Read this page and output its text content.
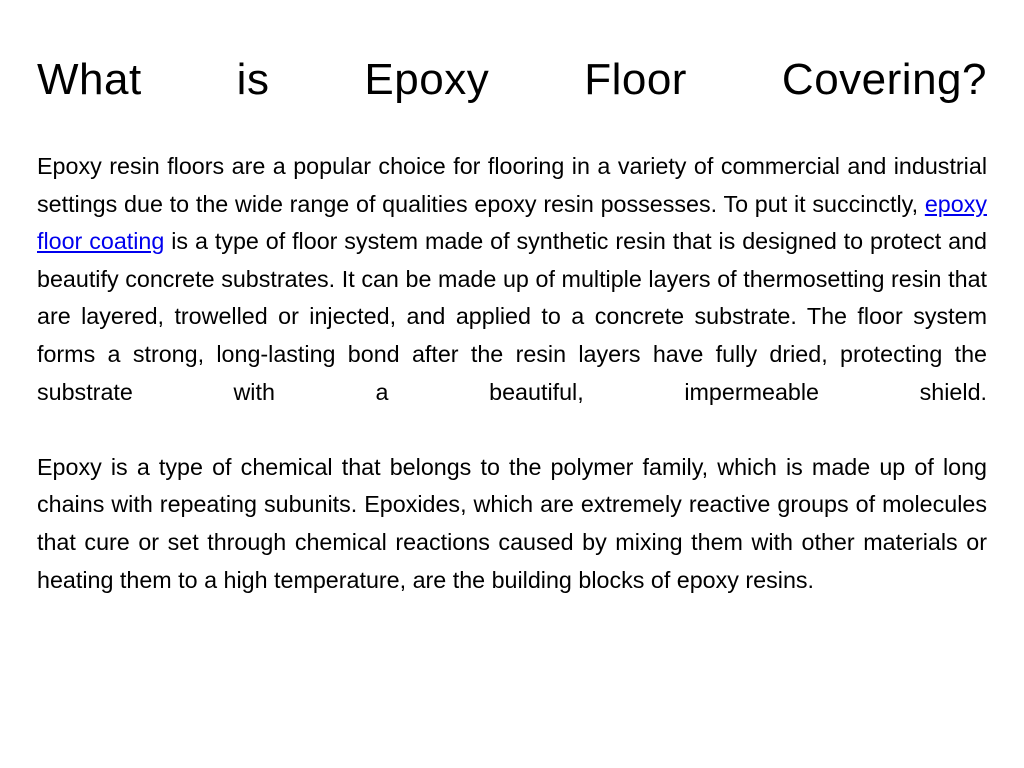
What is Epoxy Floor Covering?

Epoxy resin floors are a popular choice for flooring in a variety of commercial and industrial settings due to the wide range of qualities epoxy resin possesses. To put it succinctly, epoxy floor coating is a type of floor system made of synthetic resin that is designed to protect and beautify concrete substrates. It can be made up of multiple layers of thermosetting resin that are layered, trowelled or injected, and applied to a concrete substrate. The floor system forms a strong, long-lasting bond after the resin layers have fully dried, protecting the substrate with a beautiful, impermeable shield.

Epoxy is a type of chemical that belongs to the polymer family, which is made up of long chains with repeating subunits. Epoxides, which are extremely reactive groups of molecules that cure or set through chemical reactions caused by mixing them with other materials or heating them to a high temperature, are the building blocks of epoxy resins.
